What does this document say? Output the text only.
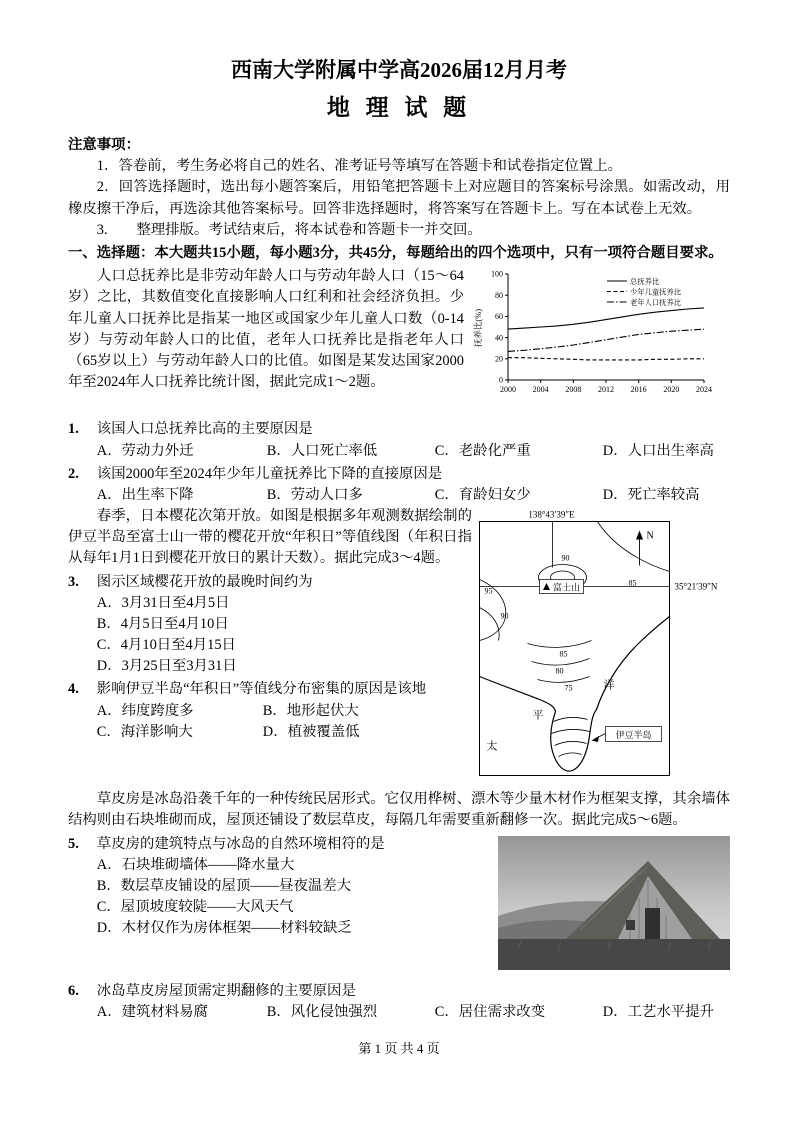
西南大学附属中学高2026届12月月考
地 理 试 题
注意事项：

1．答卷前，考生务必将自己的姓名、准考证号等填写在答题卡和试卷指定位置上。

2．回答选择题时，选出每小题答案后，用铅笔把答题卡上对应题目的答案标号涂黑。如需改动，用橡皮擦干净后，再选涂其他答案标号。回答非选择题时，将答案写在答题卡上。写在本试卷上无效。

3.　　整理排版。考试结束后，将本试卷和答题卡一并交回。

一、选择题：本大题共15小题，每小题3分，共45分，每题给出的四个选项中，只有一项符合题目要求。
抚养比(%)
0
20
40
60
80
100
2000 2004 2008 2012 2016 2020 2024
总抚养比
少年儿童抚养比
老年人口抚养比

人口总抚养比是非劳动年龄人口与劳动年龄人口（15～64岁）之比，其数值变化直接影响人口红利和社会经济负担。少年儿童人口抚养比是指某一地区或国家少年儿童人口数（0-14岁）与劳动年龄人口的比值，老年人口抚养比是指老年人口（65岁以上）与劳动年龄人口的比值。如图是某发达国家2000年至2024年人口抚养比统计图，据此完成1～2题。

1. 该国人口总抚养比高的主要原因是
A．劳动力外迁	B．人口死亡率低	C．老龄化严重	D．人口出生率高
2. 该国2000年至2024年少年儿童抚养比下降的直接原因是
A．出生率下降	B．劳动人口多	C．育龄妇女少	D．死亡率较高
138°43′39″E
35°21′39″N
N
90
95
85
90
85
80
75
富士山
太
平
洋
伊豆半岛

春季，日本樱花次第开放。如图是根据多年观测数据绘制的伊豆半岛至富士山一带的樱花开放“年积日”等值线图（年积日指从每年1月1日到樱花开放日的累计天数）。据此完成3～4题。

3. 图示区域樱花开放的最晚时间约为
A．3月31日至4月5日
B．4月5日至4月10日
C．4月10日至4月15日
D．3月25日至3月31日
4. 影响伊豆半岛“年积日”等值线分布密集的原因是该地
A．纬度跨度多	B．地形起伏大
C．海洋影响大	D．植被覆盖低

草皮房是冰岛沿袭千年的一种传统民居形式。它仅用桦树、漂木等少量木材作为框架支撑，其余墙体结构则由石块堆砌而成，屋顶还铺设了数层草皮，每隔几年需要重新翻修一次。据此完成5～6题。

5. 草皮房的建筑特点与冰岛的自然环境相符的是
A．石块堆砌墙体——降水量大
B．数层草皮铺设的屋顶——昼夜温差大
C．屋顶坡度较陡——大风天气
D．木材仅作为房体框架——材料较缺乏
6. 冰岛草皮房屋顶需定期翻修的主要原因是
A．建筑材料易腐	B．风化侵蚀强烈	C．居住需求改变	D．工艺水平提升
第 1 页 共 4 页
